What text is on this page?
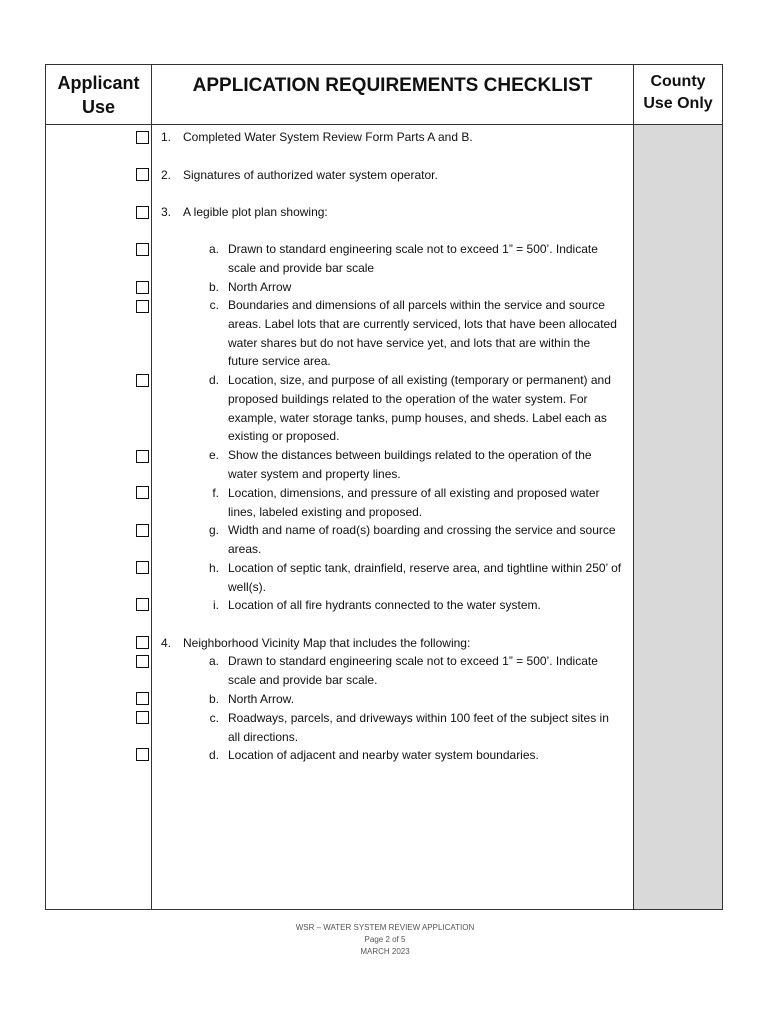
Applicant
Use
APPLICATION REQUIREMENTS CHECKLIST	County
Use Only
1. Completed Water System Review Form Parts A and B.
2. Signatures of authorized water system operator.
3. A legible plot plan showing:
a. Drawn to standard engineering scale not to exceed 1” = 500’. Indicate scale and provide bar scale
b. North Arrow
c. Boundaries and dimensions of all parcels within the service and source areas. Label lots that are currently serviced, lots that have been allocated water shares but do not have service yet, and lots that are within the future service area.
d. Location, size, and purpose of all existing (temporary or permanent) and proposed buildings related to the operation of the water system. For example, water storage tanks, pump houses, and sheds. Label each as existing or proposed.
e. Show the distances between buildings related to the operation of the water system and property lines.
f. Location, dimensions, and pressure of all existing and proposed water lines, labeled existing and proposed.
g. Width and name of road(s) boarding and crossing the service and source areas.
h. Location of septic tank, drainfield, reserve area, and tightline within 250’ of well(s).
i. Location of all fire hydrants connected to the water system.
4. Neighborhood Vicinity Map that includes the following:
a. Drawn to standard engineering scale not to exceed 1” = 500’. Indicate scale and provide bar scale.
b. North Arrow.
c. Roadways, parcels, and driveways within 100 feet of the subject sites in all directions.
d. Location of adjacent and nearby water system boundaries.
WSR – WATER SYSTEM REVIEW APPLICATION
Page 2 of 5
MARCH 2023
